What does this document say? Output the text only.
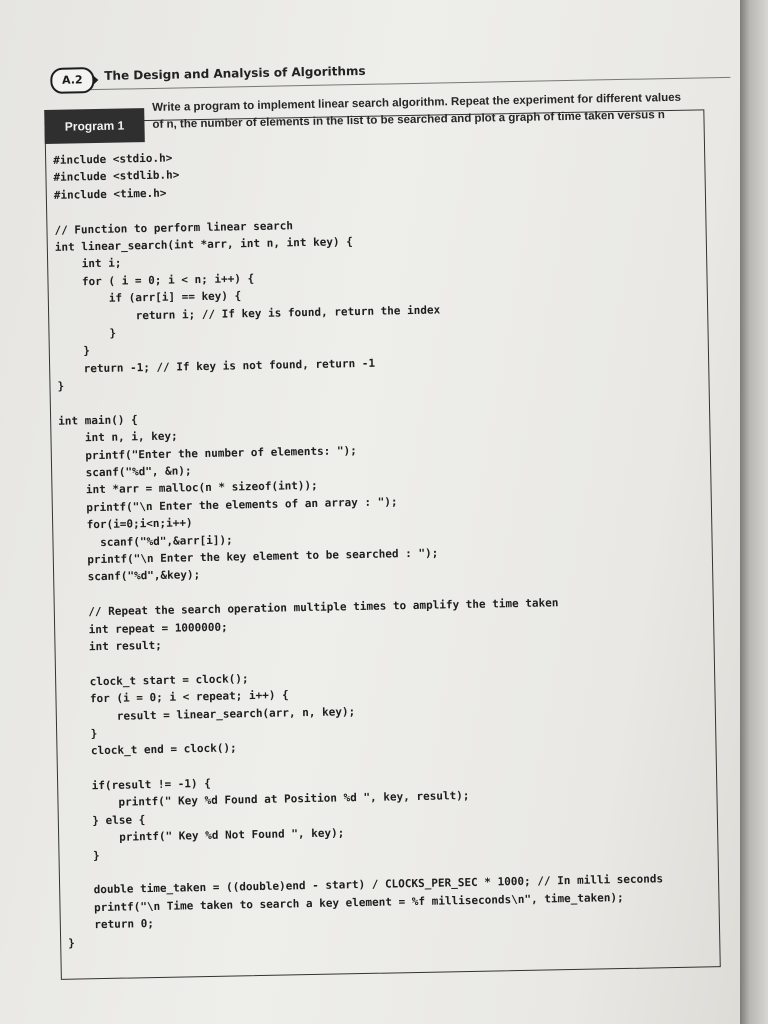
A.2	The Design and Analysis of Algorithms
Program 1
Write a program to implement linear search algorithm. Repeat the experiment for different values
of n, the number of elements in the list to be searched and plot a graph of time taken versus n
#include <stdio.h>
#include <stdlib.h>
#include <time.h>
// Function to perform linear search
int linear_search(int *arr, int n, int key) {
int i;
for ( i = 0; i < n; i++) {
if (arr[i] == key) {
return i; // If key is found, return the index
}
}
return -1; // If key is not found, return -1
}
int main() {
int n, i, key;
printf("Enter the number of elements: ");
scanf("%d", &n);
int *arr = malloc(n * sizeof(int));
printf("\n Enter the elements of an array : ");
for(i=0;i<n;i++)
scanf("%d",&arr[i]);
printf("\n Enter the key element to be searched : ");
scanf("%d",&key);
// Repeat the search operation multiple times to amplify the time taken
int repeat = 1000000;
int result;
clock_t start = clock();
for (i = 0; i < repeat; i++) {
result = linear_search(arr, n, key);
}
clock_t end = clock();
if(result != -1) {
printf(" Key %d Found at Position %d ", key, result);
} else {
printf(" Key %d Not Found ", key);
}
double time_taken = ((double)end - start) / CLOCKS_PER_SEC * 1000; // In milli seconds
printf("\n Time taken to search a key element = %f milliseconds\n", time_taken);
return 0;
}
